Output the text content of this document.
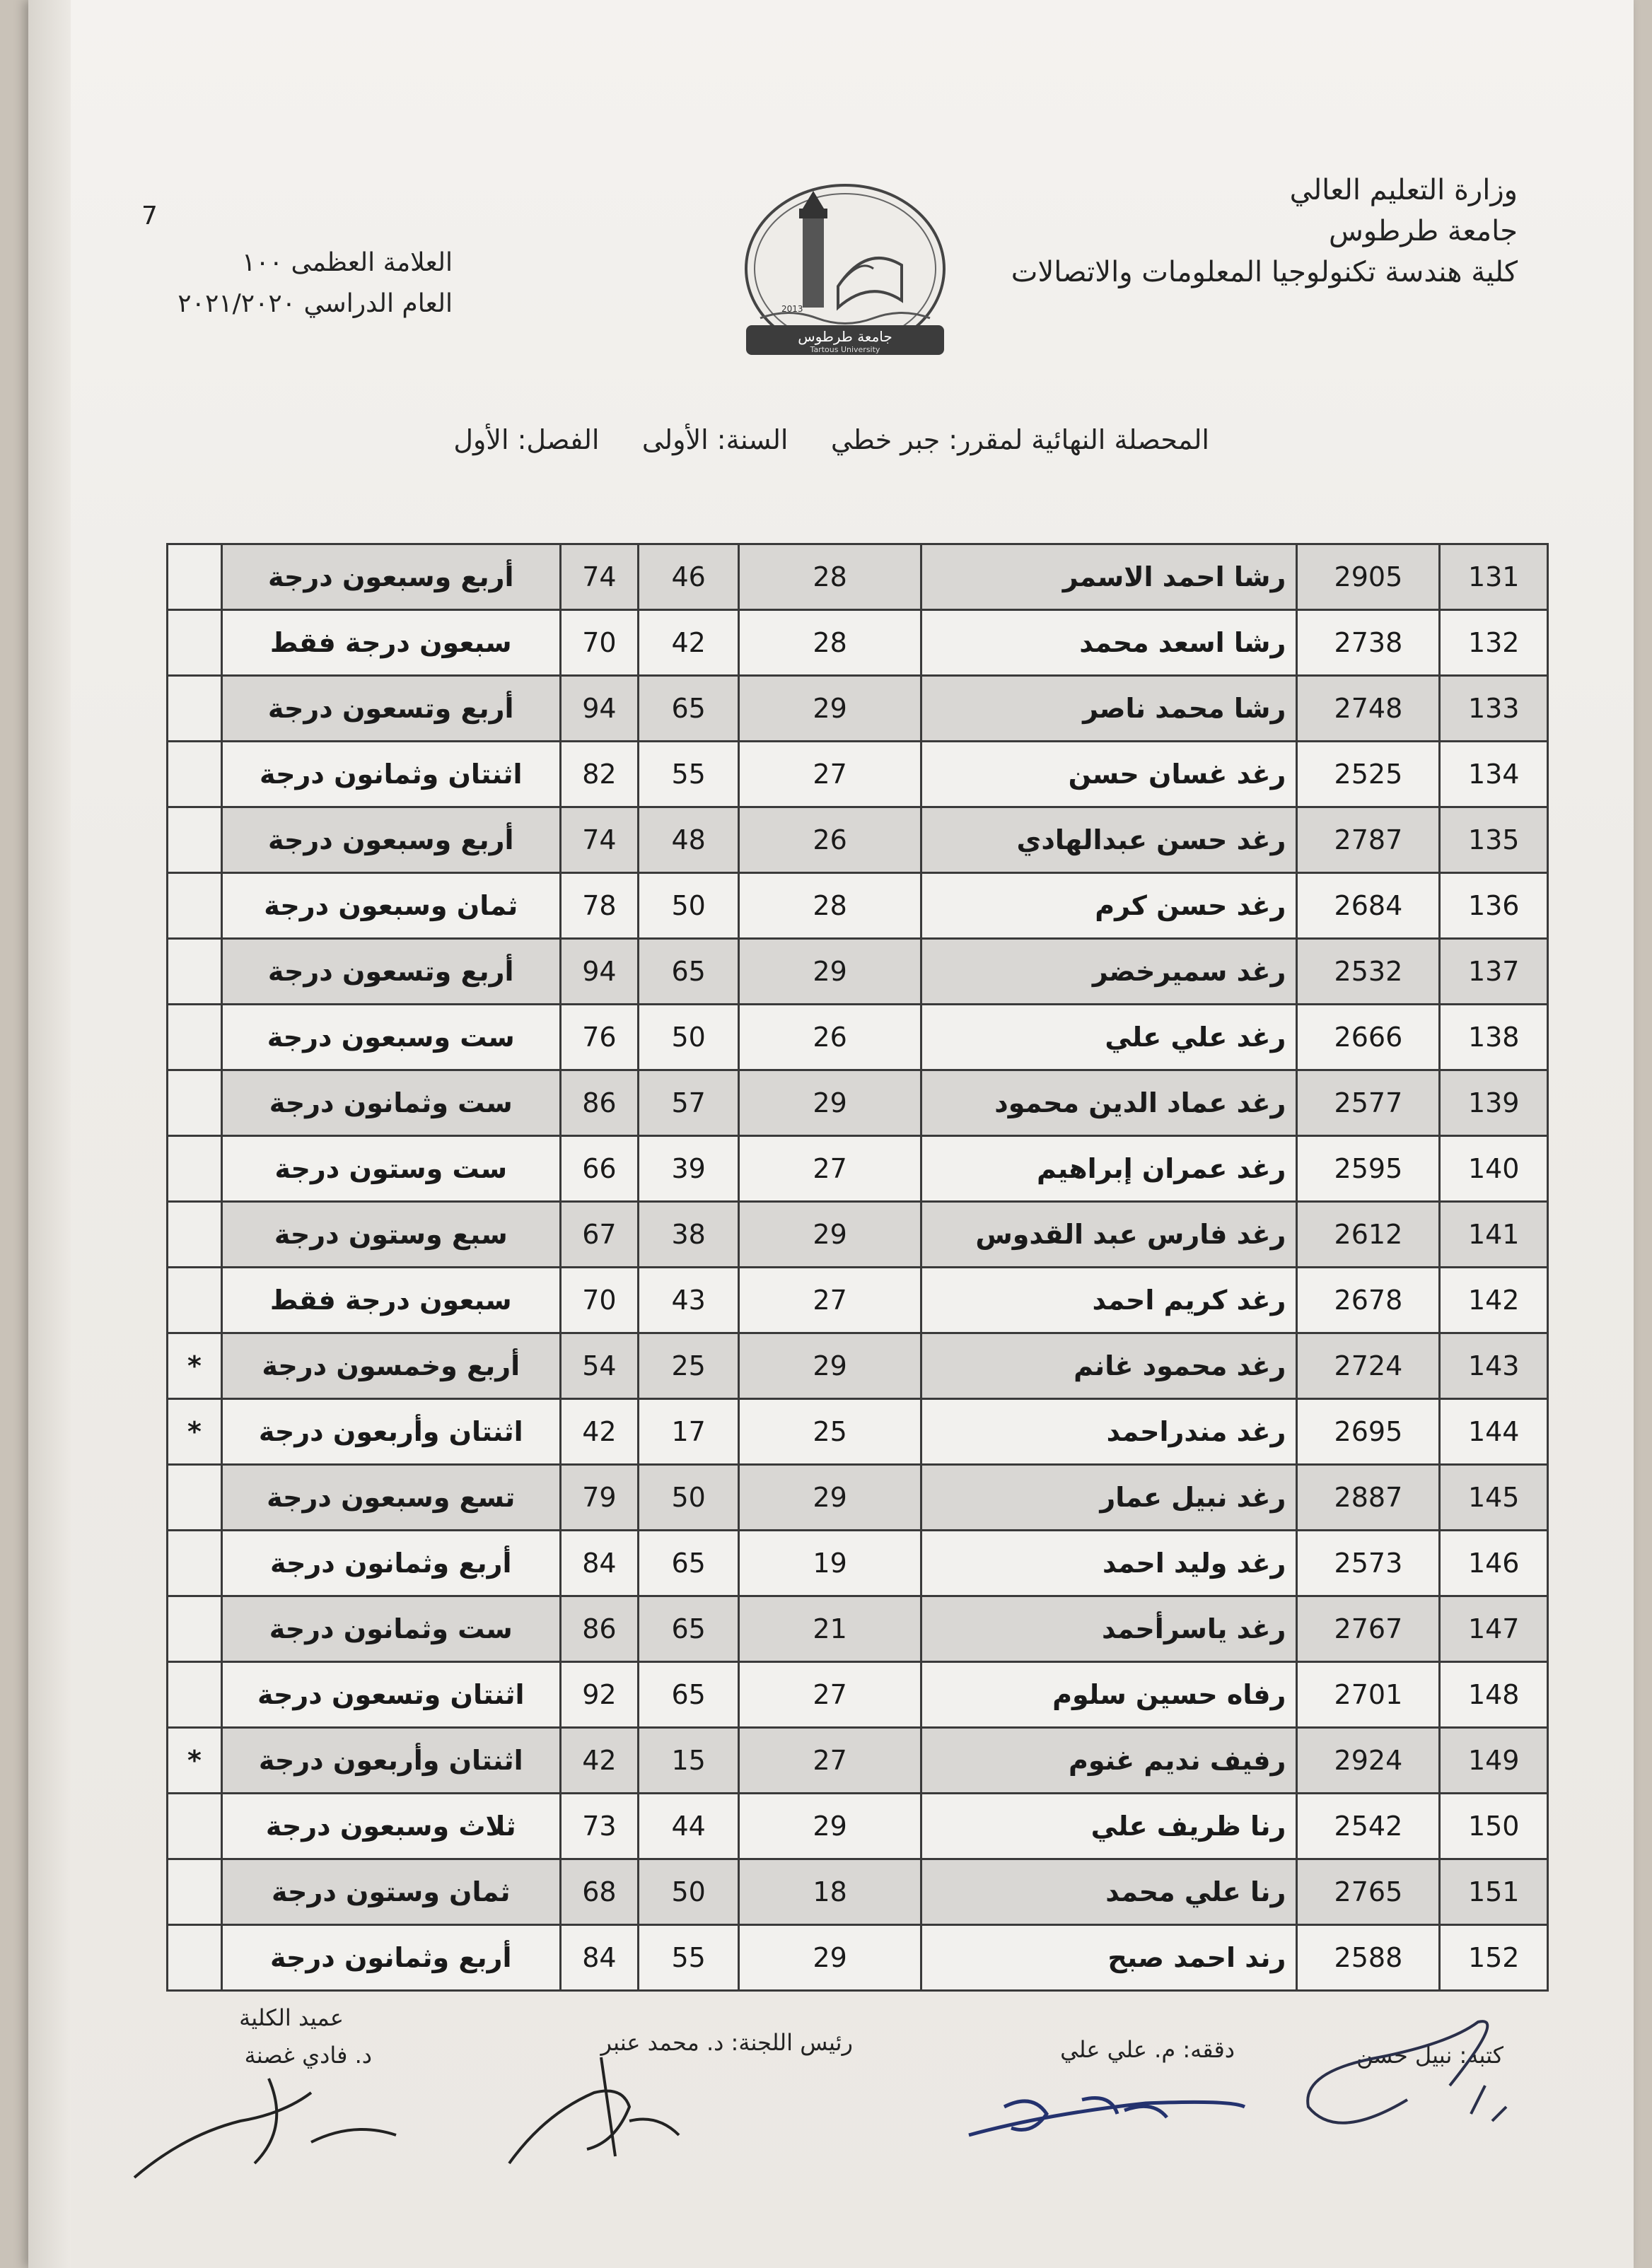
وزارة التعليم العالي
جامعة طرطوس
كلية هندسة تكنولوجيا المعلومات والاتصالات
7
العلامة العظمى ١٠٠
العام الدراسي ٢٠٢١/٢٠٢٠	2013
جامعة طرطوس
Tartous University
المحصلة النهائية لمقرر: جبر خطي     السنة: الأولى     الفصل: الأول
131	2905	رشا احمد الاسمر	28	46	74	أربع وسبعون درجة	
132	2738	رشا اسعد محمد	28	42	70	سبعون درجة فقط	
133	2748	رشا محمد ناصر	29	65	94	أربع وتسعون درجة	
134	2525	رغد غسان حسن	27	55	82	اثنتان وثمانون درجة	
135	2787	رغد حسن عبدالهادي	26	48	74	أربع وسبعون درجة	
136	2684	رغد حسن كرم	28	50	78	ثمان وسبعون درجة	
137	2532	رغد سميرخضر	29	65	94	أربع وتسعون درجة	
138	2666	رغد علي علي	26	50	76	ست وسبعون درجة	
139	2577	رغد عماد الدين محمود	29	57	86	ست وثمانون درجة	
140	2595	رغد عمران إبراهيم	27	39	66	ست وستون درجة	
141	2612	رغد فارس عبد القدوس	29	38	67	سبع وستون درجة	
142	2678	رغد كريم احمد	27	43	70	سبعون درجة فقط	
143	2724	رغد محمود غانم	29	25	54	أربع وخمسون درجة	*
144	2695	رغد مندراحمد	25	17	42	اثنتان وأربعون درجة	*
145	2887	رغد نبيل عمار	29	50	79	تسع وسبعون درجة	
146	2573	رغد وليد احمد	19	65	84	أربع وثمانون درجة	
147	2767	رغد ياسرأحمد	21	65	86	ست وثمانون درجة	
148	2701	رفاه حسين سلوم	27	65	92	اثنتان وتسعون درجة	
149	2924	رفيف نديم غنوم	27	15	42	اثنتان وأربعون درجة	*
150	2542	رنا ظريف علي	29	44	73	ثلاث وسبعون درجة	
151	2765	رنا علي محمد	18	50	68	ثمان وستون درجة	
152	2588	رند احمد صبح	29	55	84	أربع وثمانون درجة	
كتبه: نبيل حسن
دققه: م. علي علي
رئيس اللجنة: د. محمد عنبر
عميد الكلية
د. فادي غصنة
